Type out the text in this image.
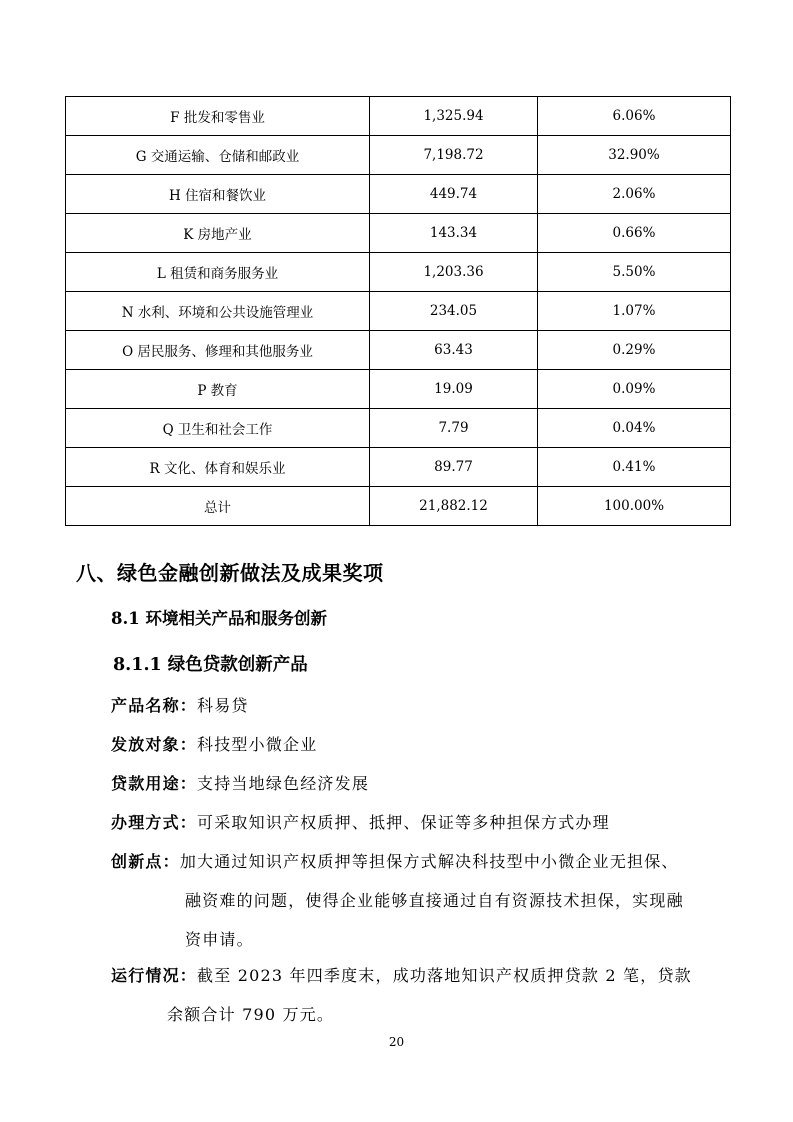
F 批发和零售业	1,325.94	6.06%
G 交通运输、仓储和邮政业	7,198.72	32.90%
H 住宿和餐饮业	449.74	2.06%
K 房地产业	143.34	0.66%
L 租赁和商务服务业	1,203.36	5.50%
N 水利、环境和公共设施管理业	234.05	1.07%
O 居民服务、修理和其他服务业	63.43	0.29%
P 教育	19.09	0.09%
Q 卫生和社会工作	7.79	0.04%
R 文化、体育和娱乐业	89.77	0.41%
总计	21,882.12	100.00%
八、绿色金融创新做法及成果奖项
8.1 环境相关产品和服务创新
8.1.1 绿色贷款创新产品
产品名称：科易贷
发放对象：科技型小微企业
贷款用途：支持当地绿色经济发展
办理方式：可采取知识产权质押、抵押、保证等多种担保方式办理
创新点：加大通过知识产权质押等担保方式解决科技型中小微企业无担保、
融资难的问题，使得企业能够直接通过自有资源技术担保，实现融
资申请。
运行情况：截至 2023 年四季度末，成功落地知识产权质押贷款 2 笔，贷款
余额合计 790 万元。
20
